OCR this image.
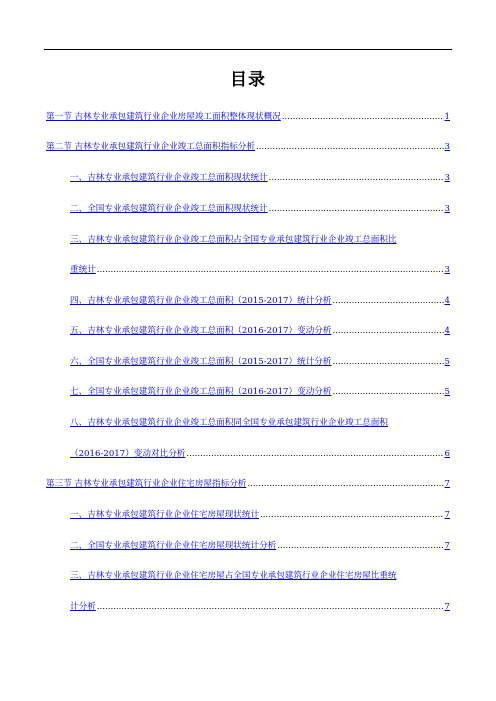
目录
第一节 吉林专业承包建筑行业企业房屋竣工面积整体现状概况 .....	1
第二节 吉林专业承包建筑行业企业竣工总面积指标分析 .....	3
一、吉林专业承包建筑行业企业竣工总面积现状统计 .....	3
二、全国专业承包建筑行业企业竣工总面积现状统计 .....	3
三、吉林专业承包建筑行业企业竣工总面积占全国专业承包建筑行业企业竣工总面积比
重统计 .....	3
四、吉林专业承包建筑行业企业竣工总面积（2015-2017）统计分析 .....	4
五、吉林专业承包建筑行业企业竣工总面积（2016-2017）变动分析 .....	4
六、全国专业承包建筑行业企业竣工总面积（2015-2017）统计分析 .....	5
七、全国专业承包建筑行业企业竣工总面积（2016-2017）变动分析 .....	5
八、吉林专业承包建筑行业企业竣工总面积同全国专业承包建筑行业企业竣工总面积
（2016-2017）变动对比分析 .....	6
第三节 吉林专业承包建筑行业企业住宅房屋指标分析 .....	7
一、吉林专业承包建筑行业企业住宅房屋现状统计 .....	7
二、全国专业承包建筑行业企业住宅房屋现状统计分析 .....	7
三、吉林专业承包建筑行业企业住宅房屋占全国专业承包建筑行业企业住宅房屋比重统
计分析 .....	7
